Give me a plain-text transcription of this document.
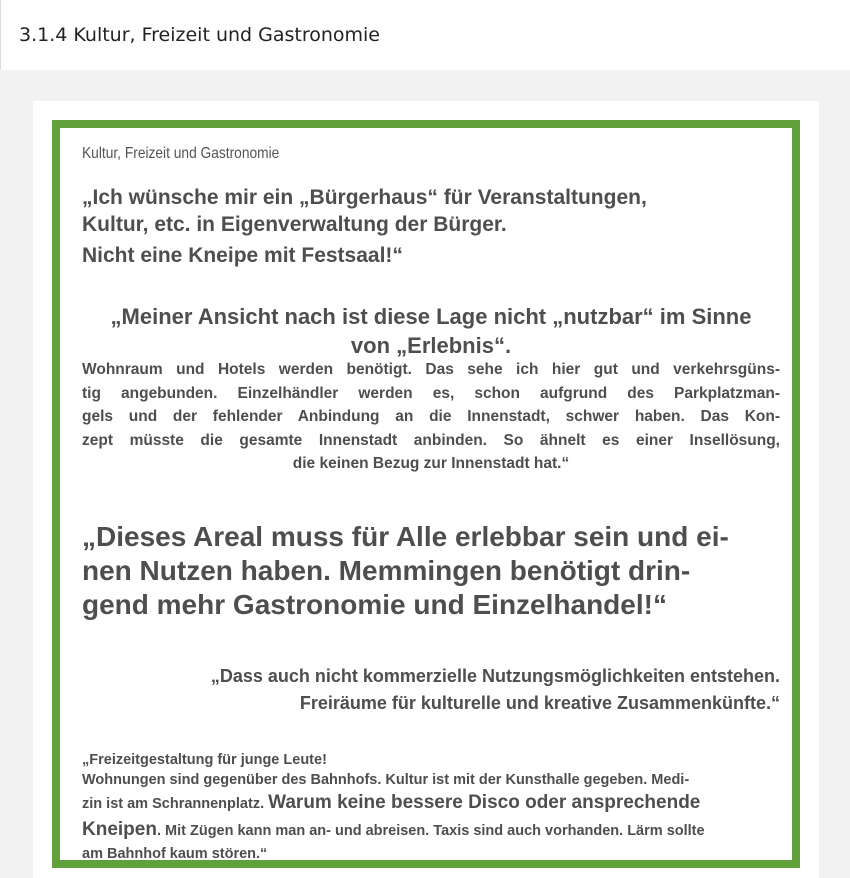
3.1.4 Kultur, Freizeit und Gastronomie
Kultur, Freizeit und Gastronomie
„Ich wünsche mir ein „Bürgerhaus“ für Veranstaltungen,
Kultur, etc. in Eigenverwaltung der Bürger.
Nicht eine Kneipe mit Festsaal!“
„Meiner Ansicht nach ist diese Lage nicht „nutzbar“ im Sinne
von „Erlebnis“.
Wohnraum und Hotels werden benötigt. Das sehe ich hier gut und verkehrsgüns-
tig angebunden. Einzelhändler werden es, schon aufgrund des Parkplatzman-
gels und der fehlender Anbindung an die Innenstadt, schwer haben. Das Kon-
zept müsste die gesamte Innenstadt anbinden. So ähnelt es einer Insellösung,
die keinen Bezug zur Innenstadt hat.“
„Dieses Areal muss für Alle erlebbar sein und ei-
nen Nutzen haben. Memmingen benötigt drin-
gend mehr Gastronomie und Einzelhandel!“
„Dass auch nicht kommerzielle Nutzungsmöglichkeiten entstehen.
Freiräume für kulturelle und kreative Zusammenkünfte.“
„Freizeitgestaltung für junge Leute!
Wohnungen sind gegenüber des Bahnhofs. Kultur ist mit der Kunsthalle gegeben. Medi-
zin ist am Schrannenplatz. Warum keine bessere Disco oder ansprechende
Kneipen. Mit Zügen kann man an- und abreisen. Taxis sind auch vorhanden. Lärm sollte
am Bahnhof kaum stören.“
